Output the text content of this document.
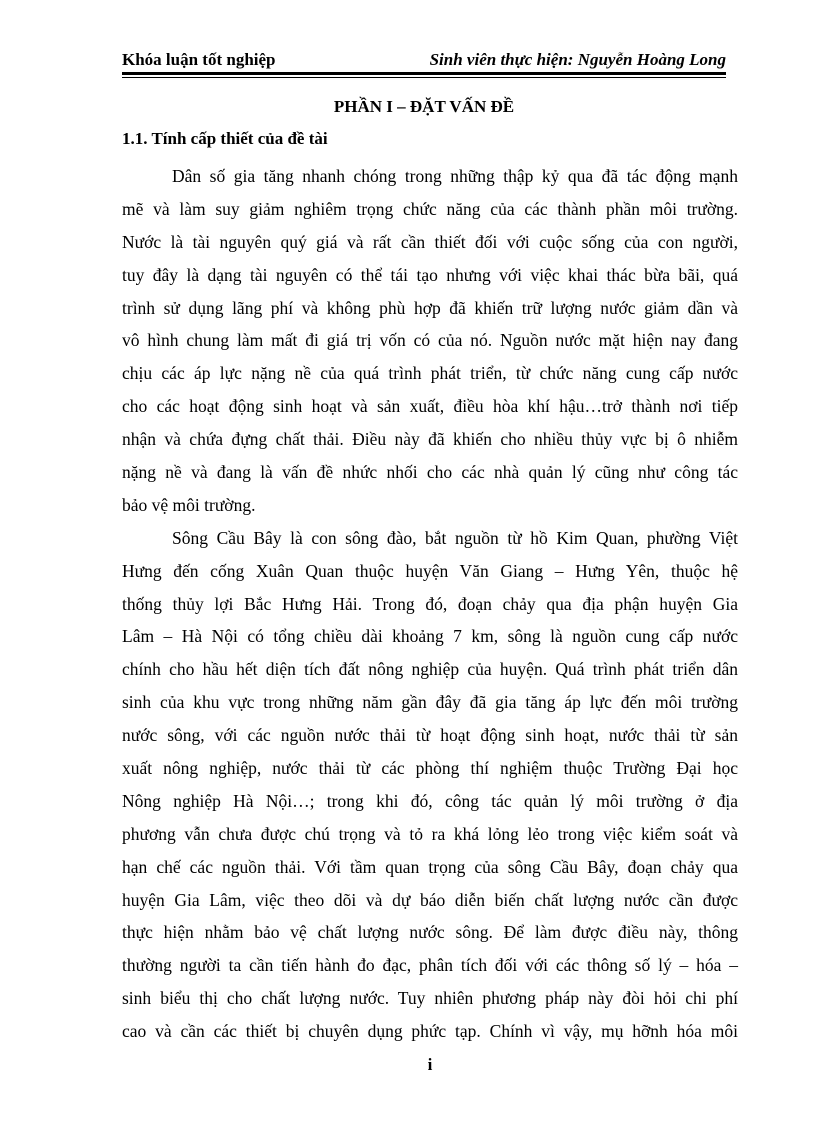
Khóa luận tốt nghiệp	Sinh viên thực hiện: Nguyễn Hoàng Long
PHẦN I – ĐẶT VẤN ĐỀ
1.1. Tính cấp thiết của đề tài
Dân số gia tăng nhanh chóng trong những thập kỷ qua đã tác động mạnh
mẽ và làm suy giảm nghiêm trọng chức năng của các thành phần môi trường.
Nước là tài nguyên quý giá và rất cần thiết đối với cuộc sống của con người,
tuy đây là dạng tài nguyên có thể tái tạo nhưng với việc khai thác bừa bãi, quá
trình sử dụng lãng phí và không phù hợp đã khiến trữ lượng nước giảm dần và
vô hình chung làm mất đi giá trị vốn có của nó. Nguồn nước mặt hiện nay đang
chịu các áp lực nặng nề của quá trình phát triển, từ chức năng cung cấp nước
cho các hoạt động sinh hoạt và sản xuất, điều hòa khí hậu…trở thành nơi tiếp
nhận và chứa đựng chất thải. Điều này đã khiến cho nhiều thủy vực bị ô nhiễm
nặng nề và đang là vấn đề nhức nhối cho các nhà quản lý cũng như công tác
bảo vệ môi trường.
Sông Cầu Bây là con sông đào, bắt nguồn từ hồ Kim Quan, phường Việt
Hưng đến cống Xuân Quan thuộc huyện Văn Giang – Hưng Yên, thuộc hệ
thống thủy lợi Bắc Hưng Hải. Trong đó, đoạn chảy qua địa phận huyện Gia
Lâm – Hà Nội có tổng chiều dài khoảng 7 km, sông là nguồn cung cấp nước
chính cho hầu hết diện tích đất nông nghiệp của huyện. Quá trình phát triển dân
sinh của khu vực trong những năm gần đây đã gia tăng áp lực đến môi trường
nước sông, với các nguồn nước thải từ hoạt động sinh hoạt, nước thải từ sản
xuất nông nghiệp, nước thải từ các phòng thí nghiệm thuộc Trường Đại học
Nông nghiệp Hà Nội…; trong khi đó, công tác quản lý môi trường ở địa
phương vẫn chưa được chú trọng và tỏ ra khá lỏng lẻo trong việc kiểm soát và
hạn chế các nguồn thải. Với tầm quan trọng của sông Cầu Bây, đoạn chảy qua
huyện Gia Lâm, việc theo dõi và dự báo diễn biến chất lượng nước cần được
thực hiện nhằm bảo vệ chất lượng nước sông. Để làm được điều này, thông
thường người ta cần tiến hành đo đạc, phân tích đối với các thông số lý – hóa –
sinh biểu thị cho chất lượng nước. Tuy nhiên phương pháp này đòi hỏi chi phí
cao và cần các thiết bị chuyên dụng phức tạp. Chính vì vậy, mụ hỡnh hóa môi
i
